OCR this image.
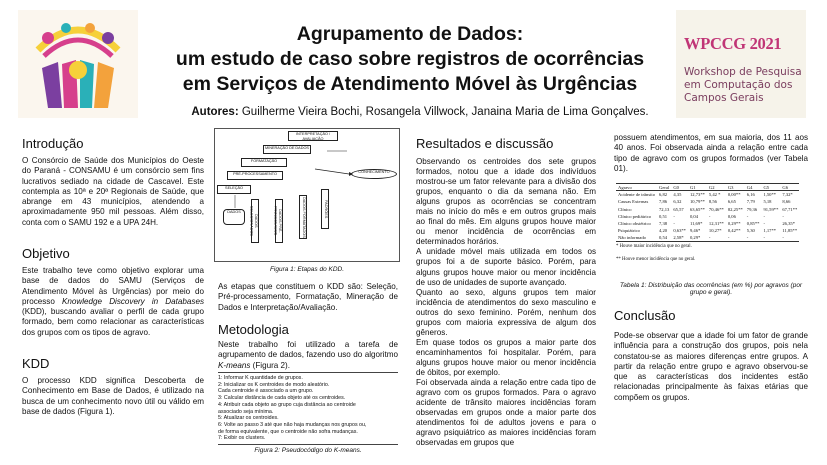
Agrupamento de Dados:
um estudo de caso sobre registros de ocorrências
em Serviços de Atendimento Móvel às Urgências
Autores: Guilherme Vieira Bochi, Rosangela Villwock, Janaina Maria de Lima Gonçalves.
WPCCG 2021
Workshop de Pesquisa em Computação dos Campos Gerais
Introdução
O Consórcio de Saúde dos Municípios do Oeste do Paraná - CONSAMU é um consórcio sem fins lucrativos sediado na cidade de Cascavel. Este contempla as 10ª e 20ª Regionais de Saúde, que abrange em 43 municípios, atendendo a aproximadamente 950 mil pessoas. Além disso, conta com o SAMU 192 e a UPA 24H.
Objetivo
Este trabalho teve como objetivo explorar uma base de dados do SAMU (Serviços de Atendimento Móvel às Urgências) por meio do processo Knowledge Discovery in Databases (KDD), buscando avaliar o perfil de cada grupo formado, bem como relacionar as características dos grupos com os tipos de agravo.
KDD
O processo KDD significa Descoberta de Conhecimento em Base de Dados, é utilizado na busca de um conhecimento novo útil ou válido em base de dados (Figura 1).
INTERPRETAÇÃO / AVALIAÇÃO
MINERAÇÃO DE DADOS
FORMATAÇÃO
PRÉ-PROCESSAMENTO
SELEÇÃO
DADOS
CONHECIMENTO
DADOS SELECIONADOS	DADOS PRÉ-PROCESSADOS	DADOS FORMATADOS	PADRÕES
Figura 1: Etapas do KDD.
As etapas que constituem o KDD são: Seleção, Pré-processamento, Formatação, Mineração de Dados e Interpretação/Avaliação.
Metodologia
Neste trabalho foi utilizado a tarefa de agrupamento de dados, fazendo uso do algoritmo K-means (Figura 2).
1: Informar K quantidade de grupos.
2: Inicializar os K centroides de modo aleatório.
Cada centroide é associado a um grupo.
3: Calcular distância de cada objeto até os centroides.
4: Atribuir cada objeto ao grupo cuja distância ao centroide
associado seja mínima.
5: Atualizar os centroides.
6: Volte ao passo 3 até que não haja mudanças nos grupos ou,
de forma equivalente, que o centroide não sofra mudanças.
7: Exibir os clusters.
Figura 2: Pseudocódigo do K-means.
Resultados e discussão
Observando os centroides dos sete grupos formados, notou que a idade dos indivíduos mostrou-se um fator relevante para a divisão dos grupos, enquanto o dia da semana não. Em alguns grupos as ocorrências se concentram mais no início do mês e em outros grupos mais ao final do mês. Em alguns grupos houve maior ou menor incidência de ocorrências em determinados horários.
A unidade móvel mais utilizada em todos os grupos foi a de suporte básico. Porém, para alguns grupos houve maior ou menor incidência de uso de unidades de suporte avançado.
Quanto ao sexo, alguns grupos tem maior incidência de atendimentos do sexo masculino e outros do sexo feminino. Porém, nenhum dos grupos com maioria expressiva de algum dos gêneros.
Em quase todos os grupos a maior parte dos encaminhamentos foi hospitalar. Porém, para alguns grupos houve maior ou menor incidência de óbitos, por exemplo.
Foi observada ainda a relação entre cada tipo de agravo com os grupos formados. Para o agravo acidente de trânsito maiores incidências foram observadas em grupos onde a maior parte dos atendimentos foi de adultos jovens e para o agravo psiquiátrico as maiores incidências foram observadas em grupos que
possuem atendimentos, em sua maioria, dos 11 aos 40 anos. Foi observada ainda a relação entre cada tipo de agravo com os grupos formados (ver Tabela 01).
Agravo	Geral	G0	G1	G2	G3	G4	G5	G6
Acidente de trânsito	6,82	4,35	12,73**	5,42 *	0,00**	6,16	1,50**	7,32*
Causas Externas	7,86	6,32	10,79**	8,56	6,65	7,79	5,18	8,66
Clínico	72,13	65,57	63,65**	70,46**	82,25**	79,36	91,59**	67,71**
Clínico pediátrico	0,51	-	0,04	-	0,06	-	-	-
Clínico obstétrico	7,38	-	11,69*	12,31**	0,29**	0,85**	-	26,35*
Psiquiátrico	4,20	0,63**	9,46*	10,27*	0,42**	5,30	1,17**	11,85**
Não informado	0,54	2,58*	0,29*	-	-	-	-	-
* Houve maior incidência que no geral.
** Houve menor incidência que no geral.
Tabela 1: Distribuição das ocorrências (em %) por agravos (por grupo e geral).
Conclusão
Pode-se observar que a idade foi um fator de grande influência para a construção dos grupos, pois nela constatou-se as maiores diferenças entre grupos. A partir da relação entre grupo e agravo observou-se que as características dos incidentes estão relacionadas principalmente às faixas etárias que compõem os grupos.
